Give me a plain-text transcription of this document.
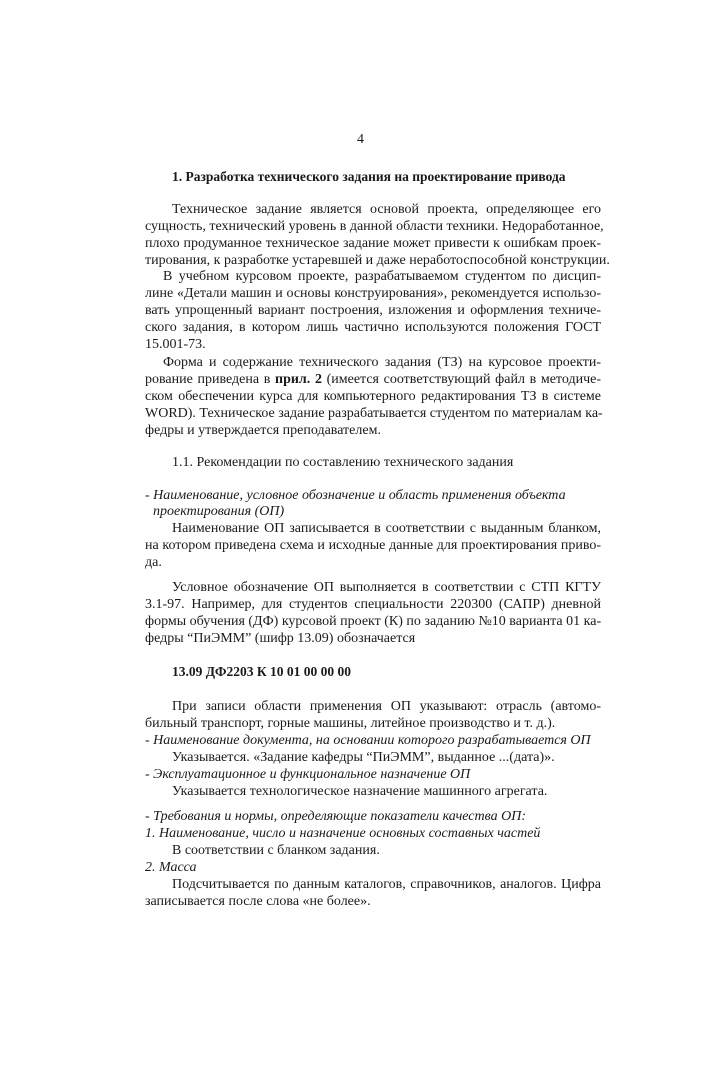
4
1. Разработка технического задания на проектирование привода
Техническое задание является основой проекта, определяющее его
сущность, технический уровень в данной области техники. Недоработанное,
плохо продуманное техническое задание может привести к ошибкам проек-
тирования, к разработке устаревшей и даже неработоспособной конструкции.
В учебном курсовом проекте, разрабатываемом студентом по дисцип-
лине «Детали машин и основы конструирования», рекомендуется использо-
вать упрощенный вариант построения, изложения и оформления техниче-
ского задания, в котором лишь частично используются положения ГОСТ
15.001-73.
Форма и содержание технического задания (ТЗ) на курсовое проекти-
рование приведена в прил. 2 (имеется соответствующий файл в методиче-
ском обеспечении курса для компьютерного редактирования ТЗ в системе
WORD). Техническое задание разрабатывается студентом по материалам ка-
федры и утверждается преподавателем.
1.1. Рекомендации по составлению технического задания
- Наименование, условное обозначение и область применения объекта
проектирования (ОП)
Наименование ОП записывается в соответствии с выданным бланком,
на котором приведена схема и исходные данные для проектирования приво-
да.
Условное обозначение ОП выполняется в соответствии с СТП КГТУ
3.1-97. Например, для студентов специальности 220300 (САПР) дневной
формы обучения (ДФ) курсовой проект (К) по заданию №10 варианта 01 ка-
федры “ПиЭММ” (шифр 13.09) обозначается
13.09 ДФ2203 К 10 01 00 00 00
При записи области применения ОП указывают: отрасль (автомо-
бильный транспорт, горные машины, литейное производство и т. д.).
- Наименование документа, на основании которого разрабатывается ОП
Указывается. «Задание кафедры “ПиЭММ”, выданное ...(дата)».
- Эксплуатационное и функциональное назначение ОП
Указывается технологическое назначение машинного агрегата.
- Требования и нормы, определяющие показатели качества ОП:
1. Наименование, число и назначение основных составных частей
В соответствии с бланком задания.
2. Масса
Подсчитывается по данным каталогов, справочников, аналогов. Цифра
записывается после слова «не более».
